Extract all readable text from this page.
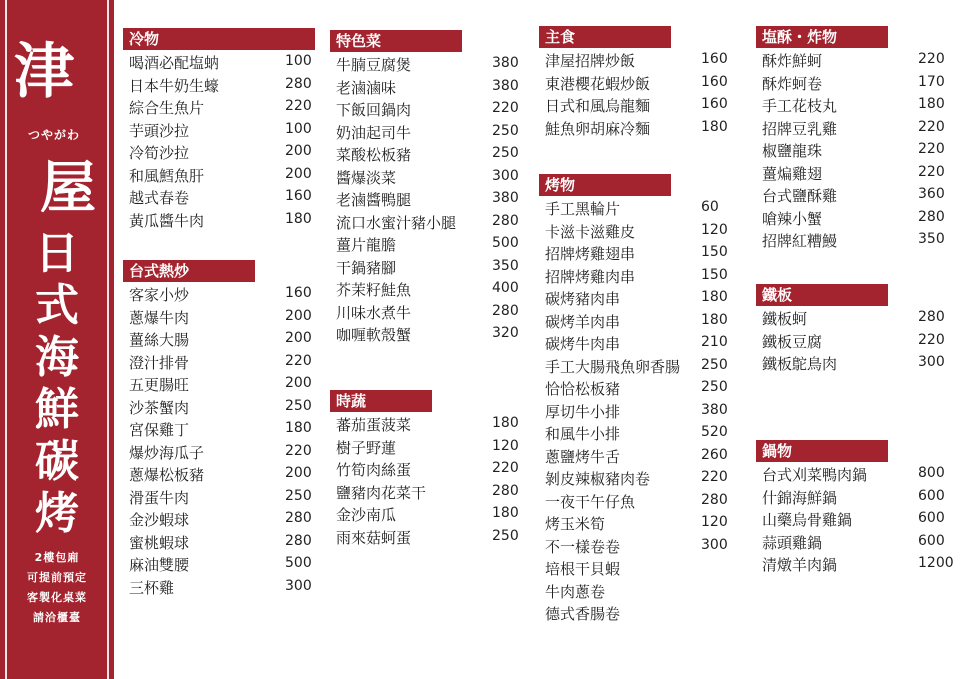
津
つやがわ
屋
日
式
海
鮮
碳
烤
2樓包廂
可提前預定
客製化桌菜
請洽櫃臺
冷物
喝酒必配塩蚋	100
日本牛奶生蠔	280
綜合生魚片	220
芋頭沙拉	100
冷筍沙拉	200
和風鱈魚肝	200
越式春卷	160
黃瓜醬牛肉	180
台式熱炒
客家小炒	160
蔥爆牛肉	200
薑絲大腸	200
澄汁排骨	220
五更腸旺	200
沙茶蟹肉	250
宮保雞丁	180
爆炒海瓜子	220
蔥爆松板豬	200
滑蛋牛肉	250
金沙蝦球	280
蜜桃蝦球	280
麻油雙腰	500
三杯雞	300
特色菜
牛腩豆腐煲	380
老滷滷味	380
下飯回鍋肉	220
奶油起司牛	250
菜酸松板豬	250
醬爆淡菜	300
老滷醬鴨腿	380
流口水蜜汁豬小腿	280
薑片龍膽	500
干鍋豬腳	350
芥茉籽鮭魚	400
川味水煮牛	280
咖喱軟殼蟹	320
時蔬
蕃茄蛋菠菜	180
樹子野蓮	120
竹筍肉絲蛋	220
鹽豬肉花菜干	280
金沙南瓜	180
雨來菇蚵蛋	250
主食
津屋招牌炒飯	160
東港櫻花蝦炒飯	160
日式和風烏龍麵	160
鮭魚卵胡麻冷麵	180
烤物
手工黑輪片	60
卡滋卡滋雞皮	120
招牌烤雞翅串	150
招牌烤雞肉串	150
碳烤豬肉串	180
碳烤羊肉串	180
碳烤牛肉串	210
手工大腸飛魚卵香腸 250
恰恰松板豬	250
厚切牛小排	380
和風牛小排	520
蔥鹽烤牛舌	260
剝皮辣椒豬肉卷	220
一夜干午仔魚	280
烤玉米筍	120
不一樣卷卷	300
培根干貝蝦
牛肉蔥卷
德式香腸卷
塩酥・炸物
酥炸鮮蚵	220
酥炸蚵卷	170
手工花枝丸	180
招牌豆乳雞	220
椒鹽龍珠	220
薑煸雞翅	220
台式鹽酥雞	360
嗆辣小蟹	280
招牌紅糟鰻	350
鐵板
鐵板蚵	280
鐵板豆腐	220
鐵板鴕鳥肉	300
鍋物
台式刈菜鴨肉鍋	800
什錦海鮮鍋	600
山藥烏骨雞鍋	600
蒜頭雞鍋	600
清燉羊肉鍋	1200
